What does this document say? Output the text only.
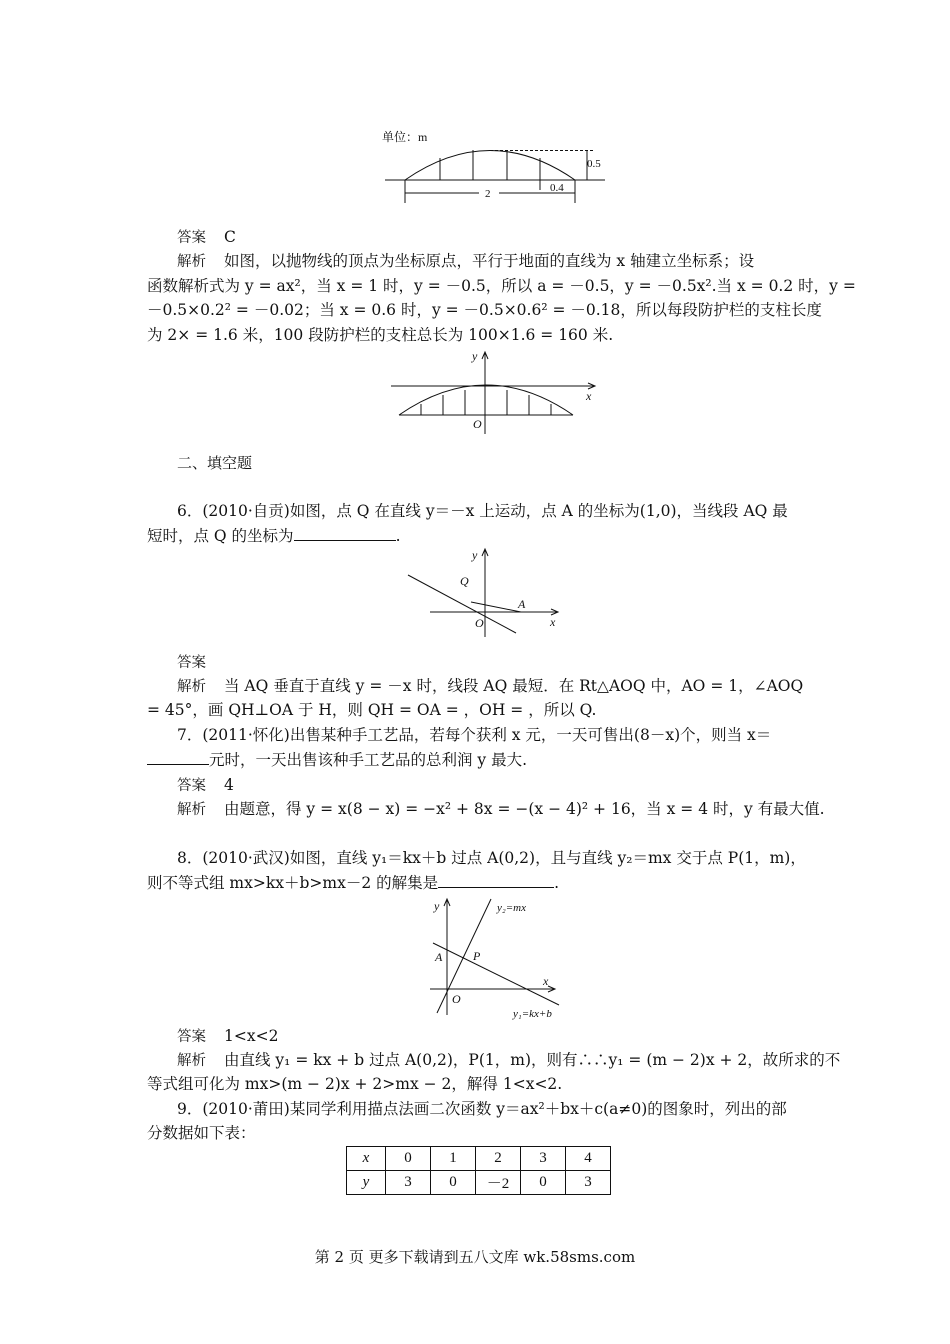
单位：m
0.5
2	0.4

答案 C

解析 如图，以抛物线的顶点为坐标原点，平行于地面的直线为 x 轴建立坐标系；设

函数解析式为 y = ax²，当 x = 1 时，y = －0.5，所以 a = －0.5，y = －0.5x².当 x = 0.2 时，y =

－0.5×0.2² = －0.02；当 x = 0.6 时，y = －0.5×0.6² = －0.18，所以每段防护栏的支柱长度

为 2× = 1.6 米，100 段防护栏的支柱总长为 100×1.6 = 160 米.

y
x
O

二、填空题

6．(2010·自贡)如图，点 Q 在直线 y＝－x 上运动，点 A 的坐标为(1,0)，当线段 AQ 最

短时，点 Q 的坐标为	.

y
x
Q
A
O

答案

解析 当 AQ 垂直于直线 y = －x 时，线段 AQ 最短．在 Rt△AOQ 中，AO = 1，∠AOQ

= 45°，画 QH⊥OA 于 H，则 QH = OA = ，OH = ，所以 Q.

7．(2011·怀化)出售某种手工艺品，若每个获利 x 元，一天可售出(8－x)个，则当 x＝

元时，一天出售该种手工艺品的总利润 y 最大.

答案 4

解析 由题意，得 y = x(8 − x) = −x² + 8x = −(x − 4)² + 16，当 x = 4 时，y 有最大值.

8．(2010·武汉)如图，直线 y₁＝kx＋b 过点 A(0,2)，且与直线 y₂＝mx 交于点 P(1，m)，

则不等式组 mx>kx＋b>mx－2 的解集是	.

y
x
y₂=mx
y₁=kx+b
A	P
O

答案 1<x<2

解析 由直线 y₁ = kx + b 过点 A(0,2)，P(1，m)，则有∴∴y₁ = (m − 2)x + 2，故所求的不

等式组可化为 mx>(m − 2)x + 2>mx − 2，解得 1<x<2.

9．(2010·莆田)某同学利用描点法画二次函数 y＝ax²＋bx＋c(a≠0)的图象时，列出的部

分数据如下表：

x	0	1	2	3	4
y	3	0	－2	0	3
第 2 页 更多下载请到五八文库 wk.58sms.com
